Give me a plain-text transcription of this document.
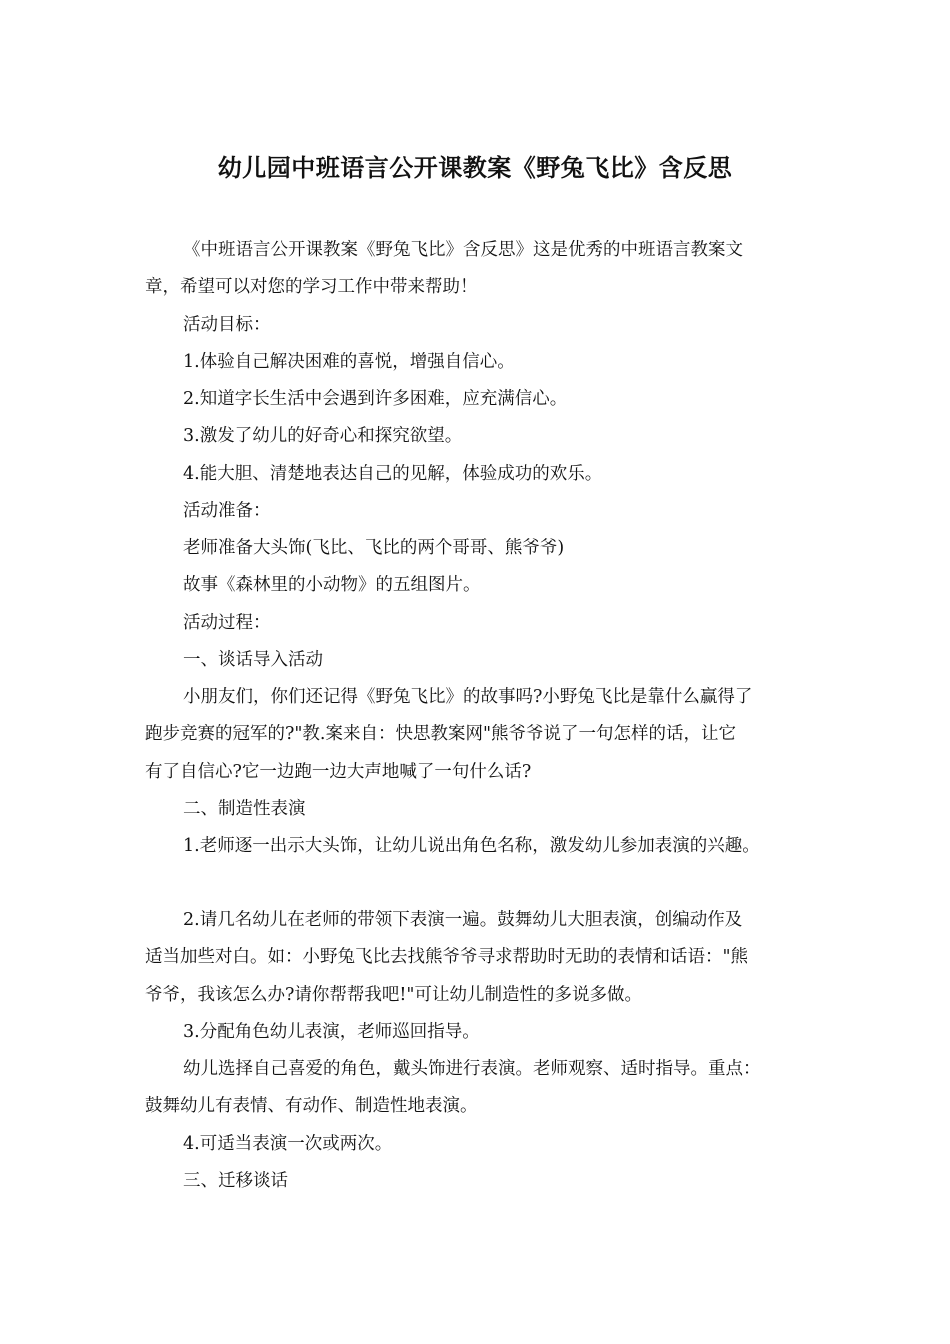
幼儿园中班语言公开课教案《野兔飞比》含反思
《中班语言公开课教案《野兔飞比》含反思》这是优秀的中班语言教案文
章，希望可以对您的学习工作中带来帮助！
活动目标：
1.体验自己解决困难的喜悦，增强自信心。
2.知道字长生活中会遇到许多困难，应充满信心。
3.激发了幼儿的好奇心和探究欲望。
4.能大胆、清楚地表达自己的见解，体验成功的欢乐。
活动准备：
老师准备大头饰(飞比、飞比的两个哥哥、熊爷爷)
故事《森林里的小动物》的五组图片。
活动过程：
一、谈话导入活动
小朋友们，你们还记得《野兔飞比》的故事吗?小野兔飞比是靠什么赢得了
跑步竞赛的冠军的?"教.案来自：快思教案网"熊爷爷说了一句怎样的话，让它
有了自信心?它一边跑一边大声地喊了一句什么话?
二、制造性表演
1.老师逐一出示大头饰，让幼儿说出角色名称，激发幼儿参加表演的兴趣。
2.请几名幼儿在老师的带领下表演一遍。鼓舞幼儿大胆表演，创编动作及
适当加些对白。如：小野兔飞比去找熊爷爷寻求帮助时无助的表情和话语："熊
爷爷，我该怎么办?请你帮帮我吧!"可让幼儿制造性的多说多做。
3.分配角色幼儿表演，老师巡回指导。
幼儿选择自己喜爱的角色，戴头饰进行表演。老师观察、适时指导。重点：
鼓舞幼儿有表情、有动作、制造性地表演。
4.可适当表演一次或两次。
三、迁移谈话
